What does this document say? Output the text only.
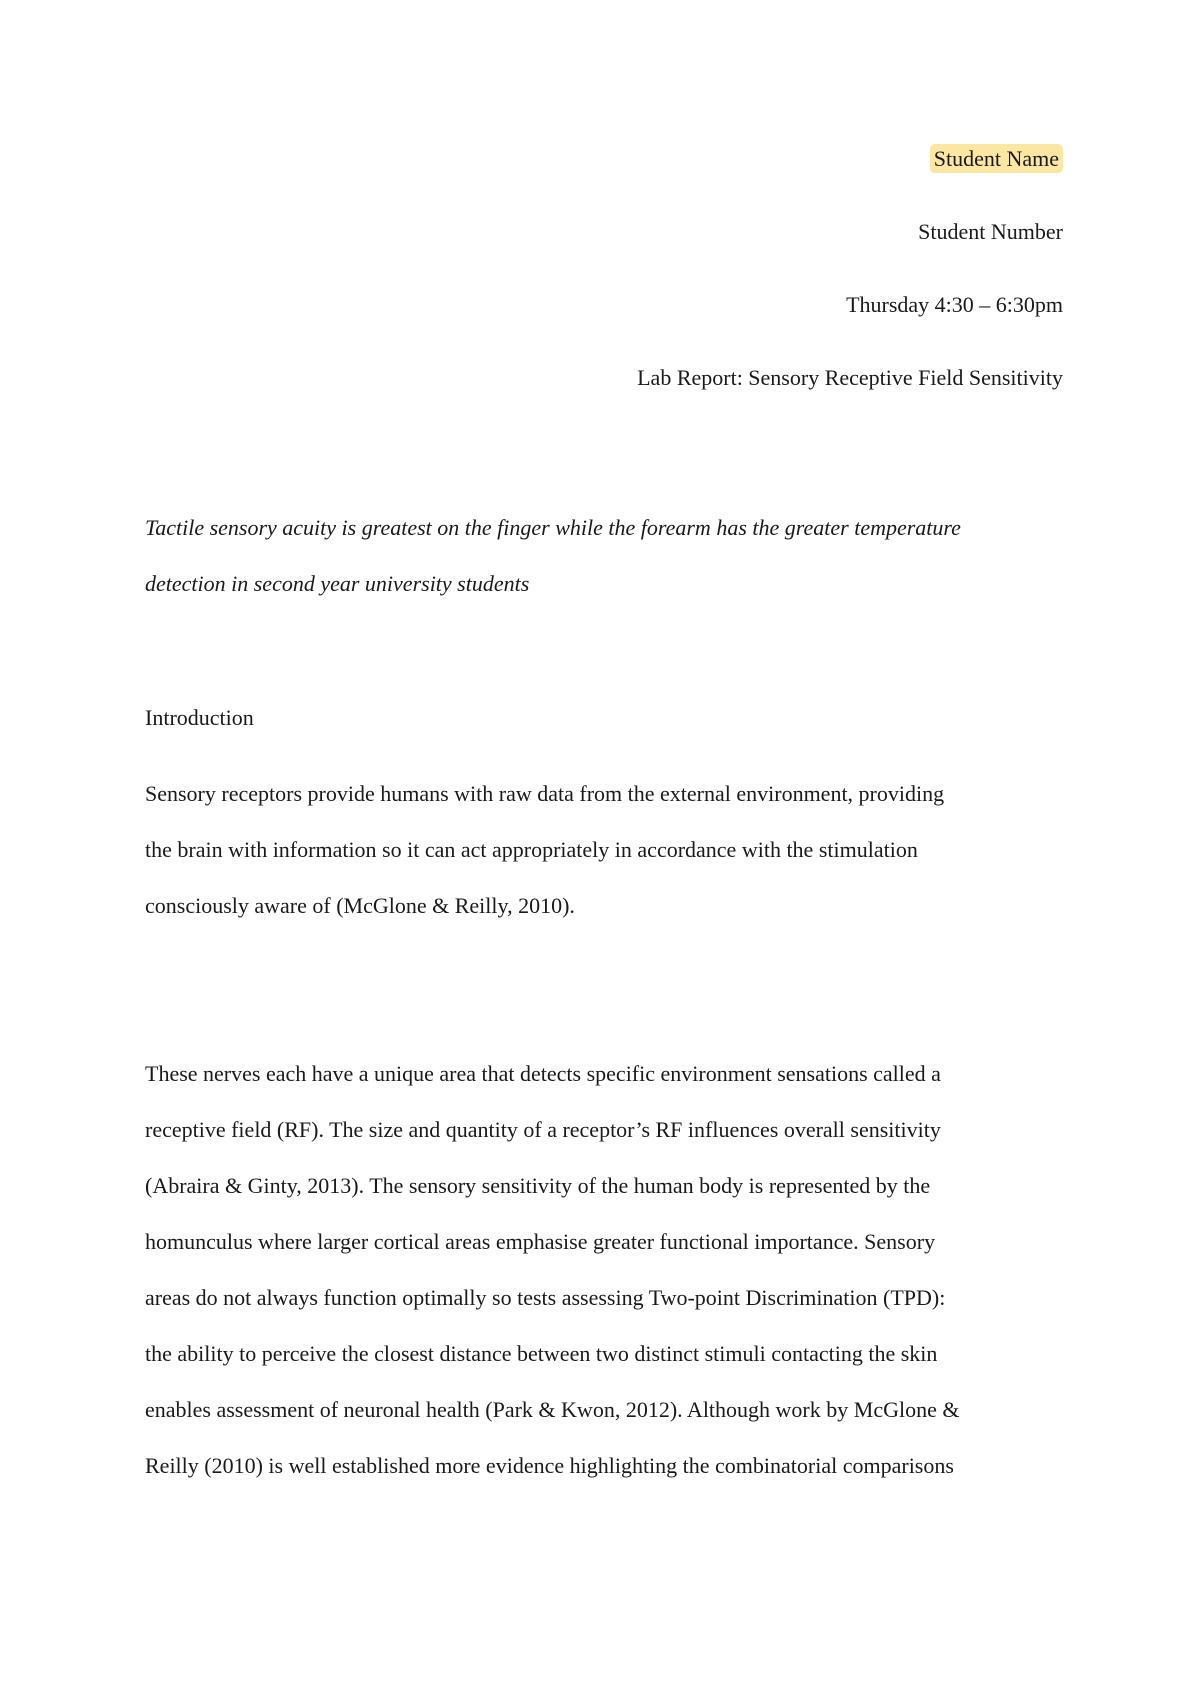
Student Name
Student Number
Thursday 4:30 – 6:30pm
Lab Report: Sensory Receptive Field Sensitivity
Tactile sensory acuity is greatest on the finger while the forearm has the greater temperature
detection in second year university students
Introduction
Sensory receptors provide humans with raw data from the external environment, providing
the brain with information so it can act appropriately in accordance with the stimulation
consciously aware of (McGlone & Reilly, 2010).
These nerves each have a unique area that detects specific environment sensations called a
receptive field (RF). The size and quantity of a receptor’s RF influences overall sensitivity
(Abraira & Ginty, 2013). The sensory sensitivity of the human body is represented by the
homunculus where larger cortical areas emphasise greater functional importance. Sensory
areas do not always function optimally so tests assessing Two-point Discrimination (TPD):
the ability to perceive the closest distance between two distinct stimuli contacting the skin
enables assessment of neuronal health (Park & Kwon, 2012). Although work by McGlone &
Reilly (2010) is well established more evidence highlighting the combinatorial comparisons
